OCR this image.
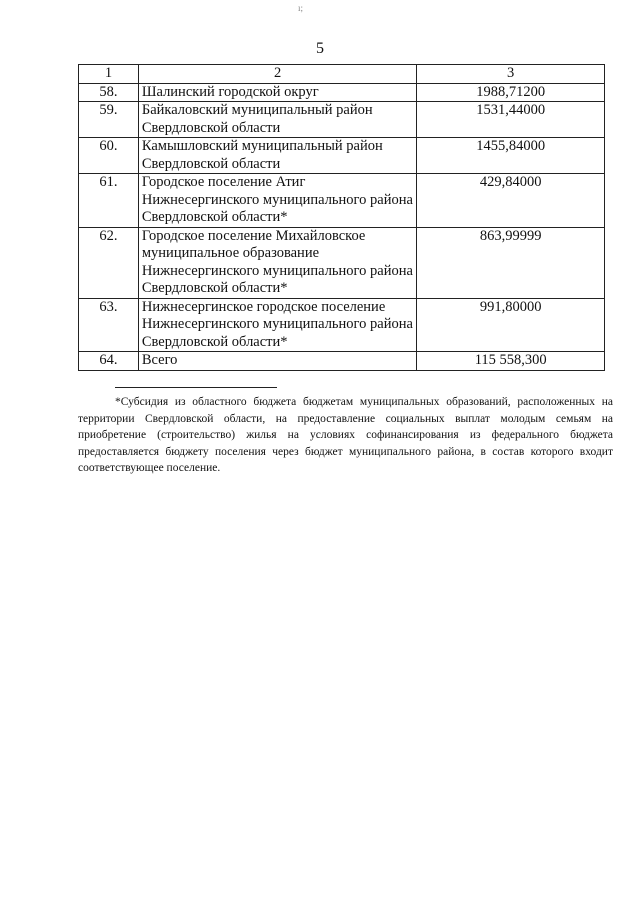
ı;
5
1	2	3
58.	Шалинский городской округ	1988,71200
59.	Байкаловский муниципальный район Свердловской области	1531,44000
60.	Камышловский муниципальный район Свердловской области	1455,84000
61.	Городское поселение Атиг Нижнесергинского муниципального района Свердловской области*	429,84000
62.	Городское поселение Михайловское муниципальное образование Нижнесергинского муниципального района Свердловской области*	863,99999
63.	Нижнесергинское городское поселение Нижнесергинского муниципального района Свердловской области*	991,80000
64.	Всего	115 558,300
*Субсидия из областного бюджета бюджетам муниципальных образований, расположенных на территории Свердловской области, на предоставление социальных выплат молодым семьям на приобретение (строительство) жилья на условиях софинансирования из федерального бюджета предоставляется бюджету поселения через бюджет муниципального района, в состав которого входит соответствующее поселение.
